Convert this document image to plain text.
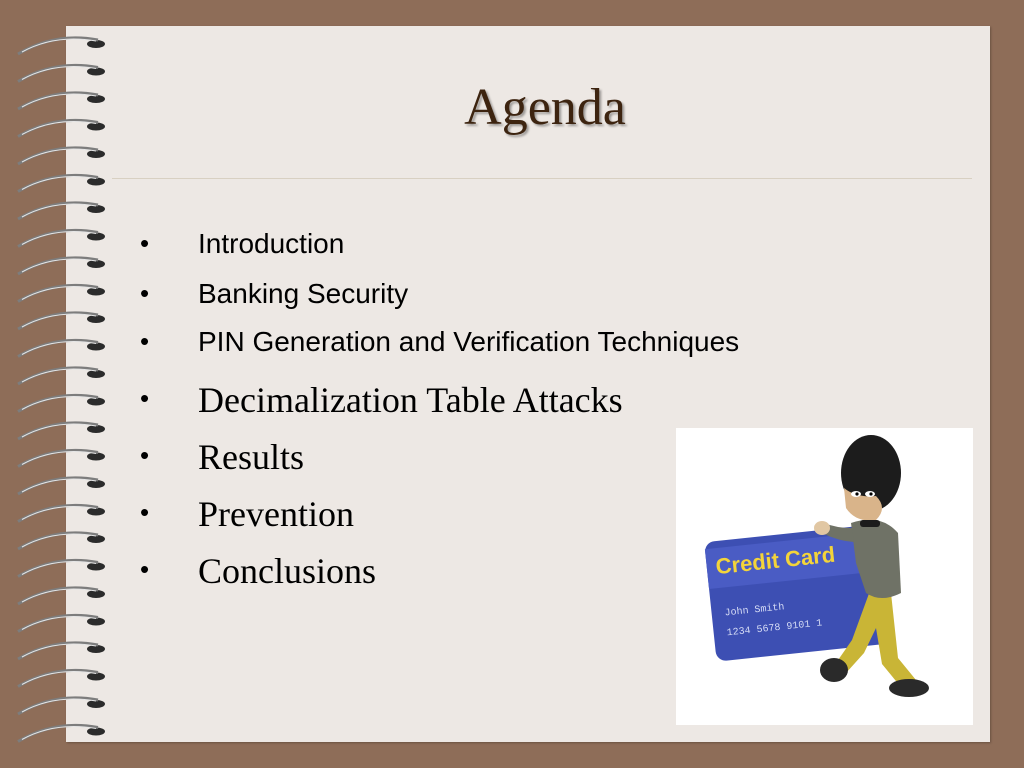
Agenda
• Introduction
• Banking Security
• PIN Generation and Verification Techniques
• Decimalization Table Attacks
• Results
• Prevention
• Conclusions	Credit Card
John Smith
1234 5678 9101 1
